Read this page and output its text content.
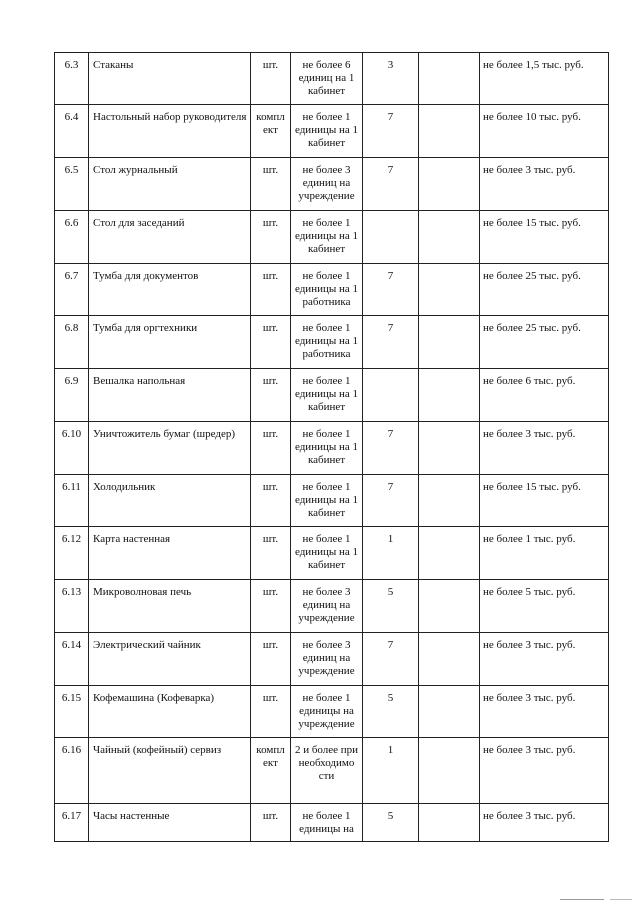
6.3	Стаканы	шт.	не более 6 единиц на 1 кабинет	3		не более 1,5 тыс. руб.
6.4	Настольный набор руководителя	компл ект	не более 1 единицы на 1 кабинет	7		не более 10 тыс. руб.
6.5	Стол журнальный	шт.	не более 3 единиц на учреждение	7		не более 3 тыс. руб.
6.6	Стол для заседаний	шт.	не более 1 единицы на 1 кабинет			не более 15 тыс. руб.
6.7	Тумба для документов	шт.	не более 1 единицы на 1 работника	7		не более 25 тыс. руб.
6.8	Тумба для оргтехники	шт.	не более 1 единицы на 1 работника	7		не более 25 тыс. руб.
6.9	Вешалка напольная	шт.	не более 1 единицы на 1 кабинет			не более 6 тыс. руб.
6.10	Уничтожитель бумаг (шредер)	шт.	не более 1 единицы на 1 кабинет	7		не более 3 тыс. руб.
6.11	Холодильник	шт.	не более 1 единицы на 1 кабинет	7		не более 15 тыс. руб.
6.12	Карта настенная	шт.	не более 1 единицы на 1 кабинет	1		не более 1 тыс. руб.
6.13	Микроволновая печь	шт.	не более 3 единиц на учреждение	5		не более 5 тыс. руб.
6.14	Электрический чайник	шт.	не более 3 единиц на учреждение	7		не более 3 тыс. руб.
6.15	Кофемашина (Кофеварка)	шт.	не более 1 единицы на учреждение	5		не более 3 тыс. руб.
6.16	Чайный (кофейный) сервиз	компл ект	2 и более при необходимо сти	1		не более 3 тыс. руб.
6.17	Часы настенные	шт.	не более 1 единицы на	5		не более 3 тыс. руб.
